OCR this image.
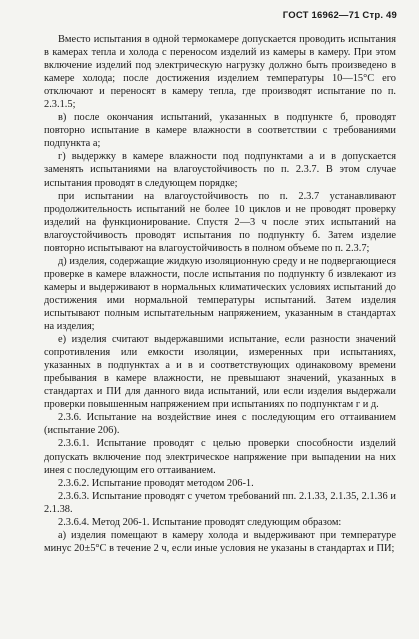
ГОСТ 16962—71 Стр. 49

Вместо испытания в одной термокамере допускается проводить испытания в камерах тепла и холода с переносом изделий из камеры в камеру. При этом включение изделий под электрическую нагрузку должно быть произведено в камере холода; после достижения изделием температуры 10—15°С его отключают и переносят в камеру тепла, где производят испытание по п. 2.3.1.5;

в) после окончания испытаний, указанных в подпункте б, проводят повторно испытание в камере влажности в соответствии с требованиями подпункта а;

г) выдержку в камере влажности под подпунктами а и в допускается заменять испытаниями на влагоустойчивость по п. 2.3.7. В этом случае испытания проводят в следующем порядке;

при испытании на влагоустойчивость по п. 2.3.7 устанавливают продолжительность испытаний не более 10 циклов и не проводят проверку изделий на функционирование. Спустя 2—3 ч после этих испытаний на влагоустойчивость проводят испытания по подпункту б. Затем изделие повторно испытывают на влагоустойчивость в полном объеме по п. 2.3.7;

д) изделия, содержащие жидкую изоляционную среду и не подвергающиеся проверке в камере влажности, после испытания по подпункту б извлекают из камеры и выдерживают в нормальных климатических условиях испытаний до достижения ими нормальной температуры испытаний. Затем изделия испытывают полным испытательным напряжением, указанным в стандартах на изделия;

е) изделия считают выдержавшими испытание, если разности значений сопротивления или емкости изоляции, измеренных при испытаниях, указанных в подпунктах а и в и соответствующих одинаковому времени пребывания в камере влажности, не превышают значений, указанных в стандартах и ПИ для данного вида испытаний, или если изделия выдержали проверки повышенным напряжением при испытаниях по подпунктам г и д.

2.3.6. Испытание на воздействие инея с последующим его оттаиванием (испытание 206).

2.3.6.1. Испытание проводят с целью проверки способности изделий допускать включение под электрическое напряжение при выпадении на них инея с последующим его оттаиванием.

2.3.6.2. Испытание проводят методом 206-1.

2.3.6.3. Испытание проводят с учетом требований пп. 2.1.33, 2.1.35, 2.1.36 и 2.1.38.

2.3.6.4. Метод 206-1. Испытание проводят следующим образом:

а) изделия помещают в камеру холода и выдерживают при температуре минус 20±5°С в течение 2 ч, если иные условия не указаны в стандартах и ПИ;
